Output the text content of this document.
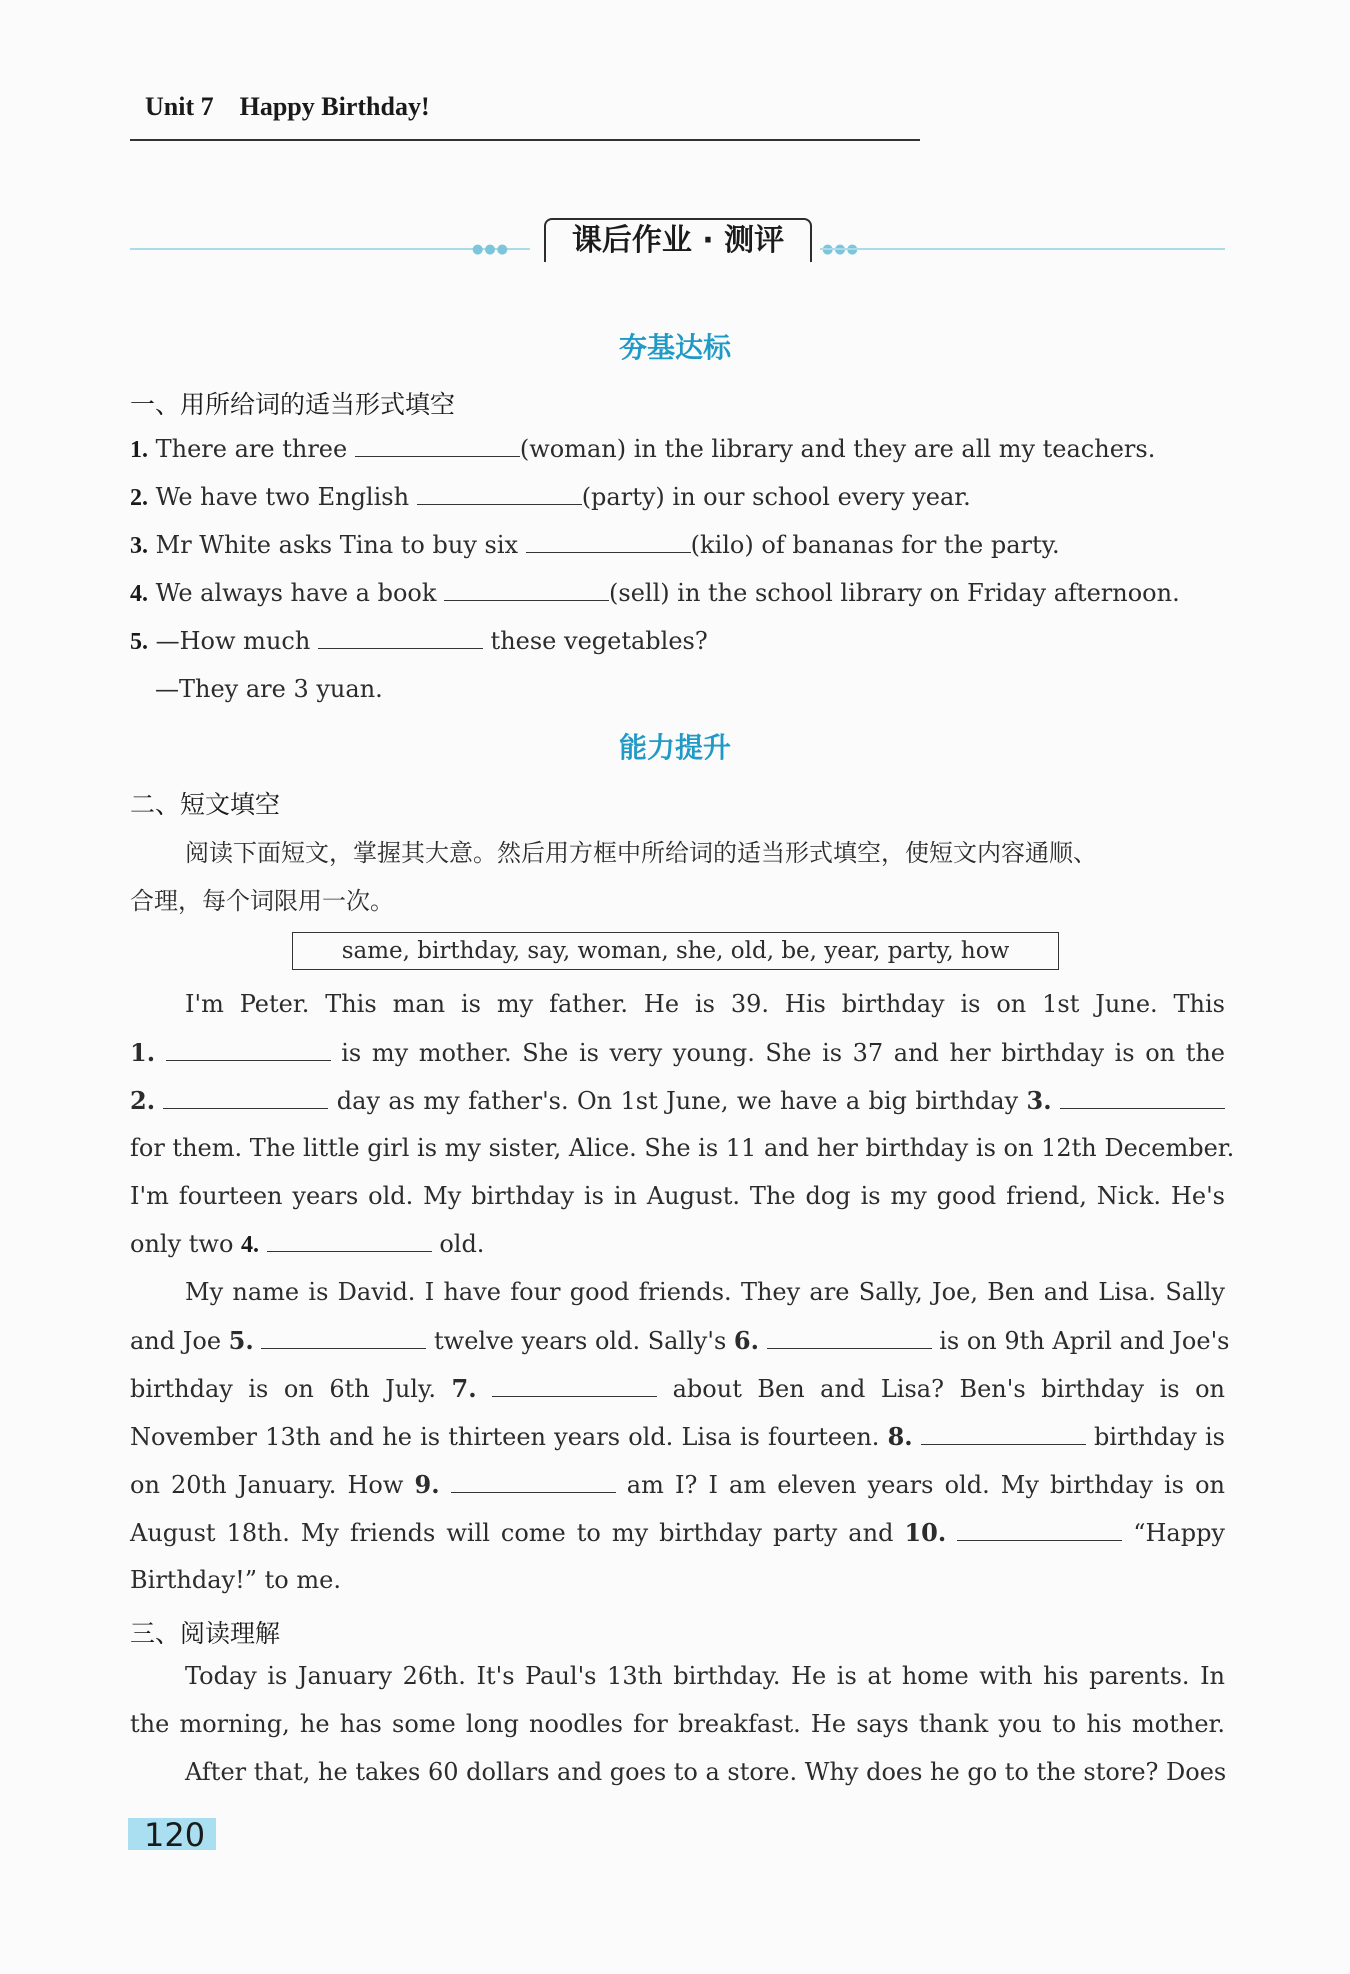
Unit 7 Happy Birthday!
●●●	课后作业 · 测评
夯基达标
一、用所给词的适当形式填空
1. There are three	(woman) in the library and they are all my teachers.
2. We have two English	(party) in our school every year.
3. Mr White asks Tina to buy six	(kilo) of bananas for the party.
4. We always have a book	(sell) in the school library on Friday afternoon.
5. —How much	these vegetables?
—They are 3 yuan.
能力提升
二、短文填空
阅读下面短文，掌握其大意。然后用方框中所给词的适当形式填空，使短文内容通顺、
合理，每个词限用一次。
same, birthday, say, woman, she, old, be, year, party, how
I'm Peter. This man is my father. He is 39. His birthday is on 1st June. This
1.	is my mother. She is very young. She is 37 and her birthday is on the
2.	day as my father's. On 1st June, we have a big birthday 3.
for them. The little girl is my sister, Alice. She is 11 and her birthday is on 12th December.
I'm fourteen years old. My birthday is in August. The dog is my good friend, Nick. He's
only two 4.	old.
My name is David. I have four good friends. They are Sally, Joe, Ben and Lisa. Sally
and Joe 5.	twelve years old. Sally's 6.	is on 9th April and Joe's
birthday is on 6th July. 7.	about Ben and Lisa? Ben's birthday is on
November 13th and he is thirteen years old. Lisa is fourteen. 8.	birthday is
on 20th January. How 9.	am I? I am eleven years old. My birthday is on
August 18th. My friends will come to my birthday party and 10.	“Happy
Birthday!” to me.
三、阅读理解
Today is January 26th. It's Paul's 13th birthday. He is at home with his parents. In
the morning, he has some long noodles for breakfast. He says thank you to his mother.
After that, he takes 60 dollars and goes to a store. Why does he go to the store? Does
120
